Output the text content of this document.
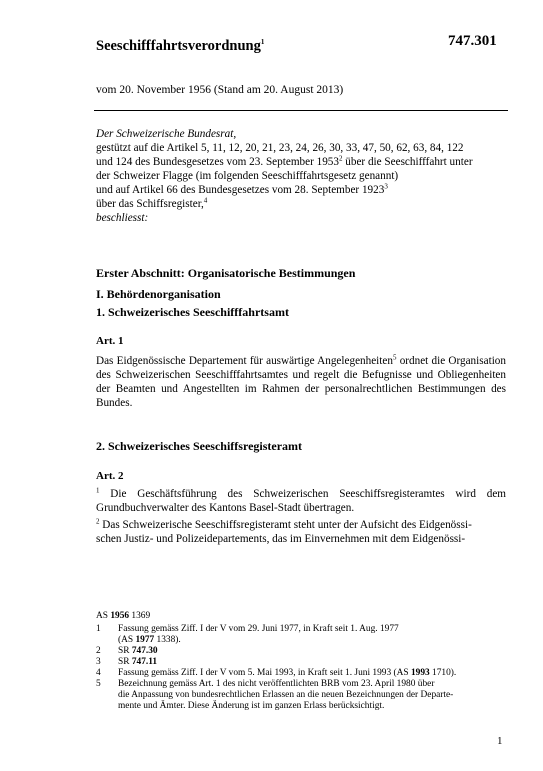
Seeschifffahrtsverordnung$^1$	747.301
vom 20. November 1956 (Stand am 20. August 2013)
Der Schweizerische Bundesrat,
gestützt auf die Artikel 5, 11, 12, 20, 21, 23, 24, 26, 30, 33, 47, 50, 62, 63, 84, 122
und 124 des Bundesgesetzes vom 23. September 1953$^2$ über die Seeschifffahrt unter
der Schweizer Flagge (im folgenden Seeschifffahrtsgesetz genannt)
und auf Artikel 66 des Bundesgesetzes vom 28. September 1923$^3$
über das Schiffsregister,$^4$
beschliesst:
Erster Abschnitt: Organisatorische Bestimmungen
I. Behördenorganisation
1. Schweizerisches Seeschifffahrtsamt
Art. 1
Das Eidgenössische Departement für auswärtige Angelegenheiten$^5$ ordnet die Organisation des Schweizerischen Seeschifffahrtsamtes und regelt die Befugnisse und Obliegenheiten der Beamten und Angestellten im Rahmen der personalrechtlichen Bestimmungen des Bundes.
2. Schweizerisches Seeschiffsregisteramt
Art. 2
$^1$ Die Geschäftsführung des Schweizerischen Seeschiffsregisteramtes wird dem Grundbuchverwalter des Kantons Basel-Stadt übertragen.
$^2$ Das Schweizerische Seeschiffsregisteramt steht unter der Aufsicht des Eidgenössi-
schen Justiz- und Polizeidepartements, das im Einvernehmen mit dem Eidgenössi-
AS 1956 1369
1	Fassung gemäss Ziff. I der V vom 29. Juni 1977, in Kraft seit 1. Aug. 1977
(AS 1977 1338).
2	SR 747.30
3	SR 747.11
4	Fassung gemäss Ziff. I der V vom 5. Mai 1993, in Kraft seit 1. Juni 1993 (AS 1993 1710).
5	Bezeichnung gemäss Art. 1 des nicht veröffentlichten BRB vom 23. April 1980 über
die Anpassung von bundesrechtlichen Erlassen an die neuen Bezeichnungen der Departe-
mente und Ämter. Diese Änderung ist im ganzen Erlass berücksichtigt.
1
